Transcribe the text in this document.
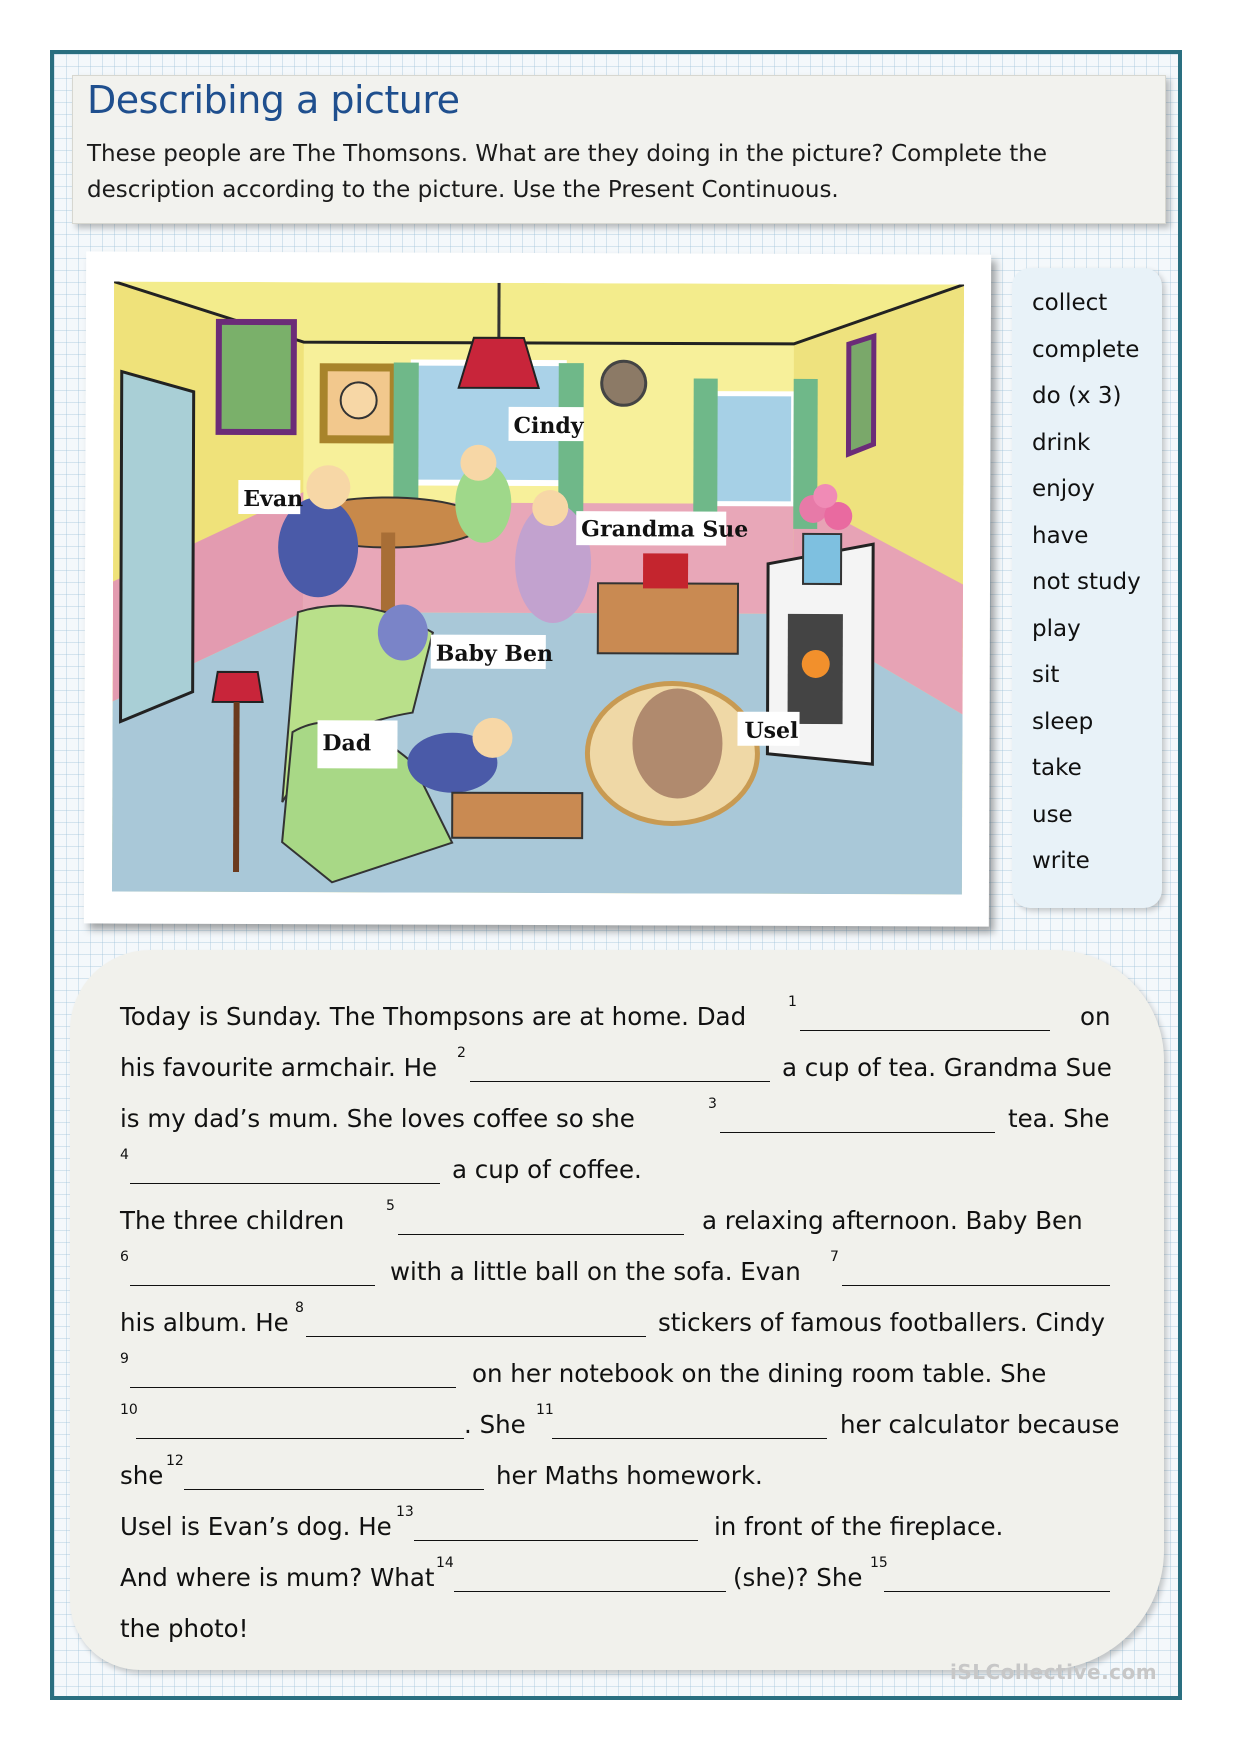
Describing a picture
These people are The Thomsons. What are they doing in the picture? Complete the description according to the picture. Use the Present Continuous.
Cindy
Evan
Grandma Sue
Baby Ben
Dad	Usel
collect
complete
do (x 3)
drink
enjoy
have
not study
play
sit
sleep
take
use
write
Today is Sunday. The Thompsons are at home. Dad	1	on
his favourite armchair. He 2	a cup of tea. Grandma Sue
is my dad’s mum. She loves coffee so she	3	tea. She
4	a cup of coffee.
The three children	5	a relaxing afternoon. Baby Ben
6	with a little ball on the sofa. Evan 7
his album. He 8	stickers of famous footballers. Cindy
9	on her notebook on the dining room table. She
10	. She 11	her calculator because
she 12	her Maths homework.
Usel is Evan’s dog. He 13	in front of the fireplace.
And where is mum? What 14	(she)? She 15
the photo!
iSLCollective.com
